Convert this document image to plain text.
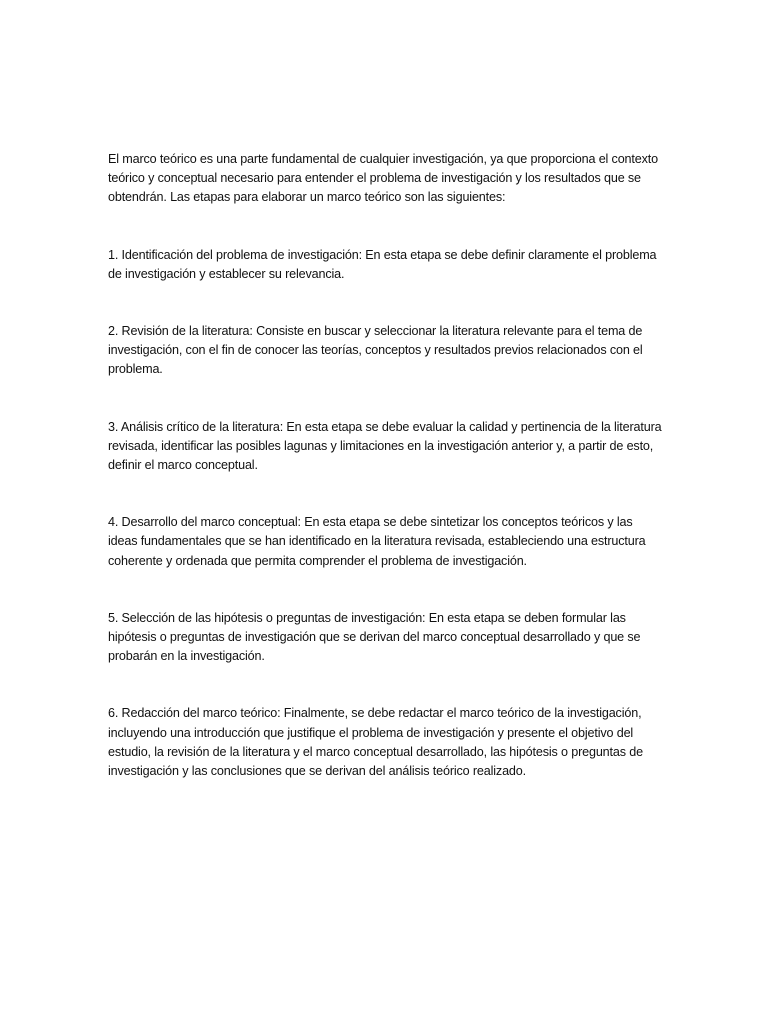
El marco teórico es una parte fundamental de cualquier investigación, ya que proporciona el contexto teórico y conceptual necesario para entender el problema de investigación y los resultados que se obtendrán. Las etapas para elaborar un marco teórico son las siguientes:

1. Identificación del problema de investigación: En esta etapa se debe definir claramente el problema de investigación y establecer su relevancia.

2. Revisión de la literatura: Consiste en buscar y seleccionar la literatura relevante para el tema de investigación, con el fin de conocer las teorías, conceptos y resultados previos relacionados con el problema.

3. Análisis crítico de la literatura: En esta etapa se debe evaluar la calidad y pertinencia de la literatura revisada, identificar las posibles lagunas y limitaciones en la investigación anterior y, a partir de esto, definir el marco conceptual.

4. Desarrollo del marco conceptual: En esta etapa se debe sintetizar los conceptos teóricos y las ideas fundamentales que se han identificado en la literatura revisada, estableciendo una estructura coherente y ordenada que permita comprender el problema de investigación.

5. Selección de las hipótesis o preguntas de investigación: En esta etapa se deben formular las hipótesis o preguntas de investigación que se derivan del marco conceptual desarrollado y que se probarán en la investigación.

6. Redacción del marco teórico: Finalmente, se debe redactar el marco teórico de la investigación, incluyendo una introducción que justifique el problema de investigación y presente el objetivo del estudio, la revisión de la literatura y el marco conceptual desarrollado, las hipótesis o preguntas de investigación y las conclusiones que se derivan del análisis teórico realizado.
